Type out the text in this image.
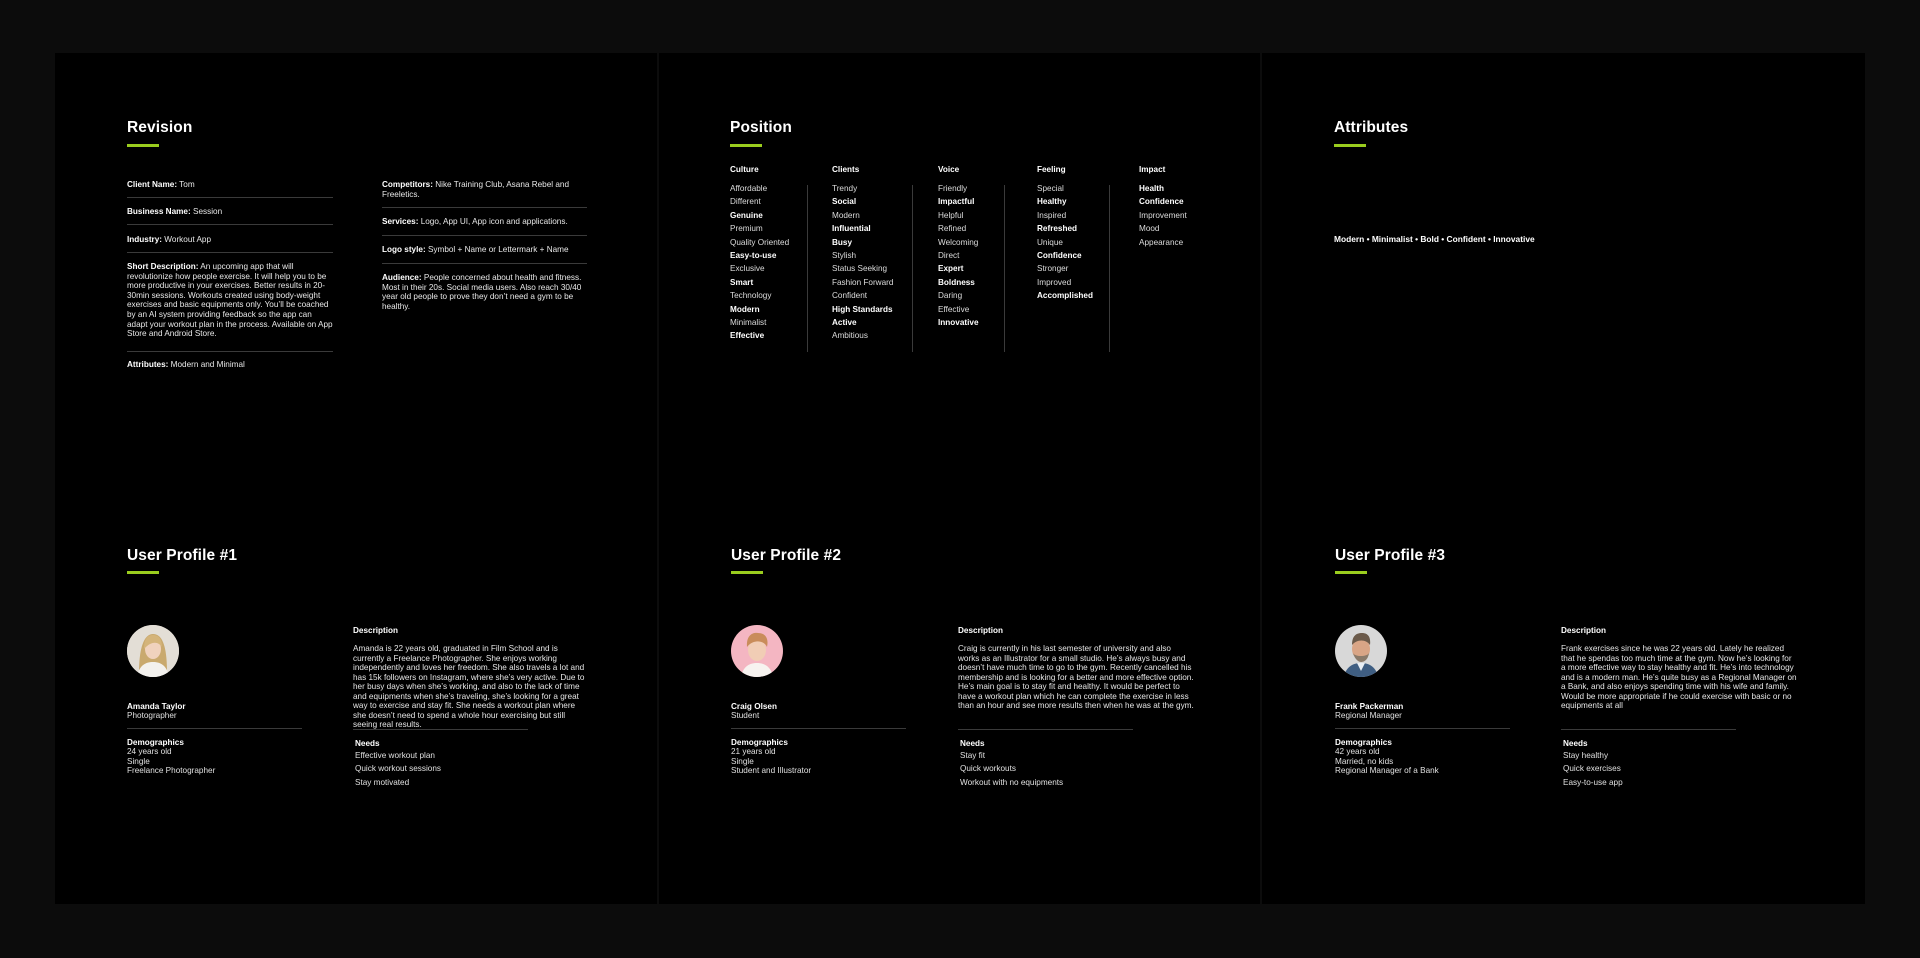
Revision
Client Name: Tom
Business Name: Session
Industry: Workout App
Short Description: An upcoming app that will revolutionize how people exercise. It will help you to be more productive in your exercises. Better results in 20-30min sessions. Workouts created using body-weight exercises and basic equipments only. You’ll be coached by an AI system providing feedback so the app can adapt your workout plan in the process. Available on App Store and Android Store.
Attributes: Modern and Minimal
Competitors: Nike Training Club, Asana Rebel and Freeletics.
Services: Logo, App UI, App icon and applications.
Logo style: Symbol + Name or Lettermark + Name
Audience: People concerned about health and fitness. Most in their 20s. Social media users. Also reach 30/40 year old people to prove they don’t need a gym to be healthy.
User Profile #1
Amanda Taylor
Photographer
Demographics
24 years old
Single
Freelance Photographer
Description
Amanda is 22 years old, graduated in Film School and is currently a Freelance Photographer. She enjoys working independently and loves her freedom. She also travels a lot and has 15k followers on Instagram, where she’s very active. Due to her busy days when she’s working, and also to the lack of time and equipments when she’s traveling, she’s looking for a great way to exercise and stay fit. She needs a workout plan where she doesn’t need to spend a whole hour exercising but still seeing real results.
Needs
Effective workout plan
Quick workout sessions
Stay motivated
Position
Culture
Affordable
Different
Genuine
Premium
Quality Oriented
Easy-to-use
Exclusive
Smart
Technology
Modern
Minimalist
Effective
Clients
Trendy
Social
Modern
Influential
Busy
Stylish
Status Seeking
Fashion Forward
Confident
High Standards
Active
Ambitious
Voice
Friendly
Impactful
Helpful
Refined
Welcoming
Direct
Expert
Boldness
Daring
Effective
Innovative
Feeling
Special
Healthy
Inspired
Refreshed
Unique
Confidence
Stronger
Improved
Accomplished
Impact
Health
Confidence
Improvement
Mood
Appearance
User Profile #2
Craig Olsen
Student
Demographics
21 years old
Single
Student and Illustrator
Description
Craig is currently in his last semester of university and also works as an Illustrator for a small studio. He’s always busy and doesn’t have much time to go to the gym. Recently cancelled his membership and is looking for a better and more effective option. He’s main goal is to stay fit and healthy. It would be perfect to have a workout plan which he can complete the exercise in less than an hour and see more results then when he was at the gym.
Needs
Stay fit
Quick workouts
Workout with no equipments
Attributes
Modern • Minimalist • Bold • Confident • Innovative
User Profile #3
Frank Packerman
Regional Manager
Demographics
42 years old
Married, no kids
Regional Manager of a Bank
Description
Frank exercises since he was 22 years old. Lately he realized that he spendas too much time at the gym. Now he’s looking for a more effective way to stay healthy and fit. He’s into technology and is a modern man. He’s quite busy as a Regional Manager on a Bank, and also enjoys spending time with his wife and family. Would be more appropriate if he could exercise with basic or no equipments at all
Needs
Stay healthy
Quick exercises
Easy-to-use app
